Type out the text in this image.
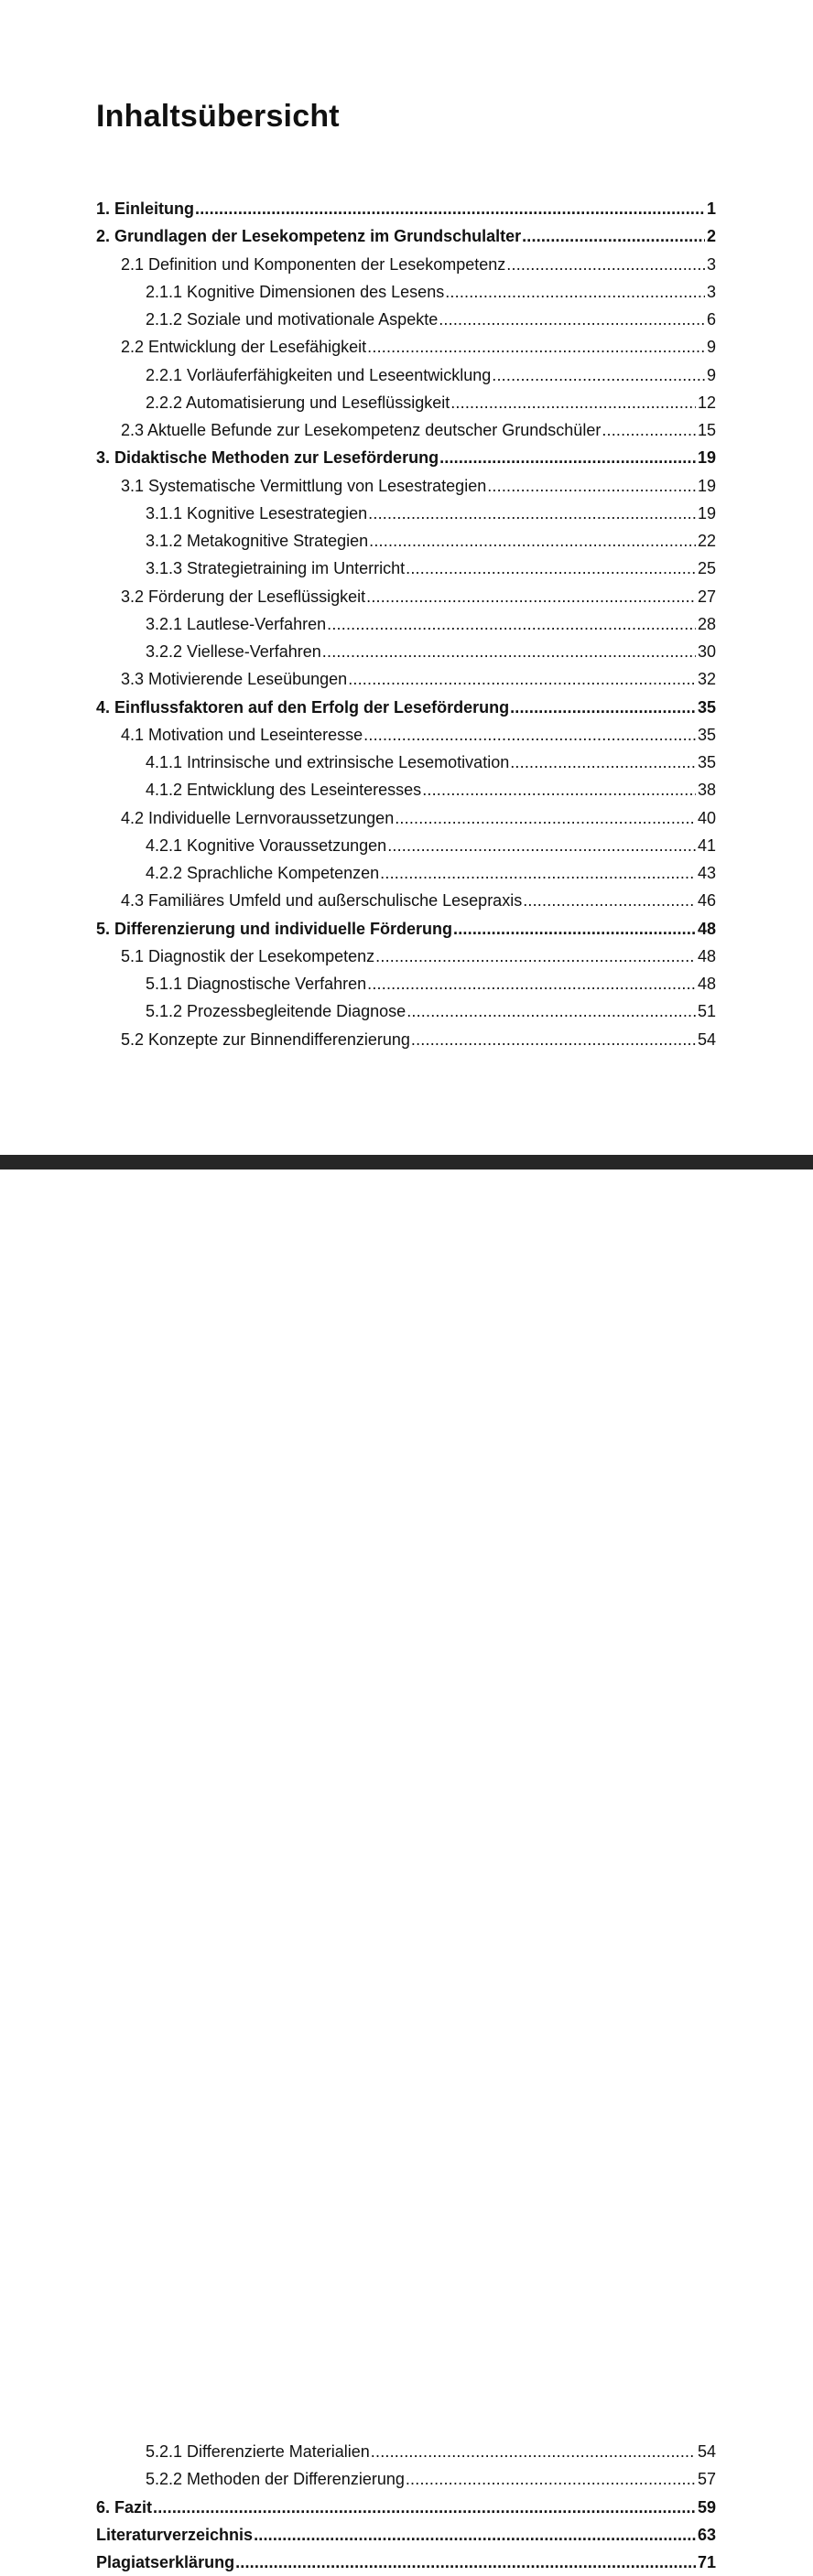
Inhaltsübersicht
1. Einleitung .....	1
2. Grundlagen der Lesekompetenz im Grundschulalter .....	2
2.1 Definition und Komponenten der Lesekompetenz .....	3
2.1.1 Kognitive Dimensionen des Lesens .....	3
2.1.2 Soziale und motivationale Aspekte .....	6
2.2 Entwicklung der Lesefähigkeit .....	9
2.2.1 Vorläuferfähigkeiten und Leseentwicklung .....	9
2.2.2 Automatisierung und Leseflüssigkeit .....	12
2.3 Aktuelle Befunde zur Lesekompetenz deutscher Grundschüler .....	15
3. Didaktische Methoden zur Leseförderung .....	19
3.1 Systematische Vermittlung von Lesestrategien .....	19
3.1.1 Kognitive Lesestrategien .....	19
3.1.2 Metakognitive Strategien .....	22
3.1.3 Strategietraining im Unterricht .....	25
3.2 Förderung der Leseflüssigkeit .....	27
3.2.1 Lautlese-Verfahren .....	28
3.2.2 Viellese-Verfahren .....	30
3.3 Motivierende Leseübungen .....	32
4. Einflussfaktoren auf den Erfolg der Leseförderung .....	35
4.1 Motivation und Leseinteresse .....	35
4.1.1 Intrinsische und extrinsische Lesemotivation .....	35
4.1.2 Entwicklung des Leseinteresses .....	38
4.2 Individuelle Lernvoraussetzungen .....	40
4.2.1 Kognitive Voraussetzungen .....	41
4.2.2 Sprachliche Kompetenzen .....	43
4.3 Familiäres Umfeld und außerschulische Lesepraxis .....	46
5. Differenzierung und individuelle Förderung .....	48
5.1 Diagnostik der Lesekompetenz .....	48
5.1.1 Diagnostische Verfahren .....	48
5.1.2 Prozessbegleitende Diagnose .....	51
5.2 Konzepte zur Binnendifferenzierung .....	54
5.2.1 Differenzierte Materialien .....	54
5.2.2 Methoden der Differenzierung .....	57
6. Fazit .....	59
Literaturverzeichnis .....	63
Plagiatserklärung .....	71
